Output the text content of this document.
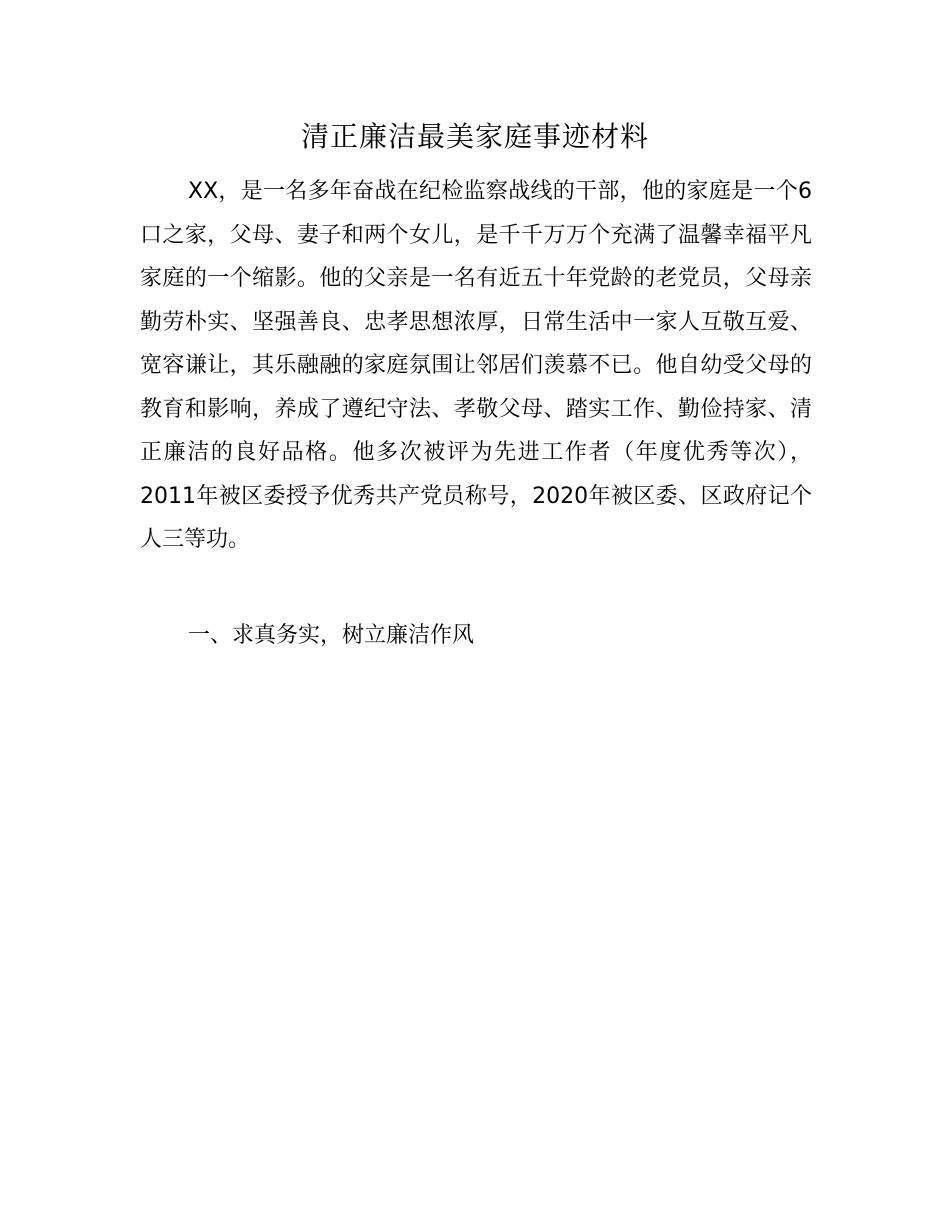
清正廉洁最美家庭事迹材料

XX，是一名多年奋战在纪检监察战线的干部，他的家庭是一个6口之家，父母、妻子和两个女儿，是千千万万个充满了温馨幸福平凡家庭的一个缩影。他的父亲是一名有近五十年党龄的老党员，父母亲勤劳朴实、坚强善良、忠孝思想浓厚，日常生活中一家人互敬互爱、宽容谦让，其乐融融的家庭氛围让邻居们羡慕不已。他自幼受父母的教育和影响，养成了遵纪守法、孝敬父母、踏实工作、勤俭持家、清正廉洁的良好品格。他多次被评为先进工作者（年度优秀等次），2011年被区委授予优秀共产党员称号，2020年被区委、区政府记个人三等功。

一、求真务实，树立廉洁作风
